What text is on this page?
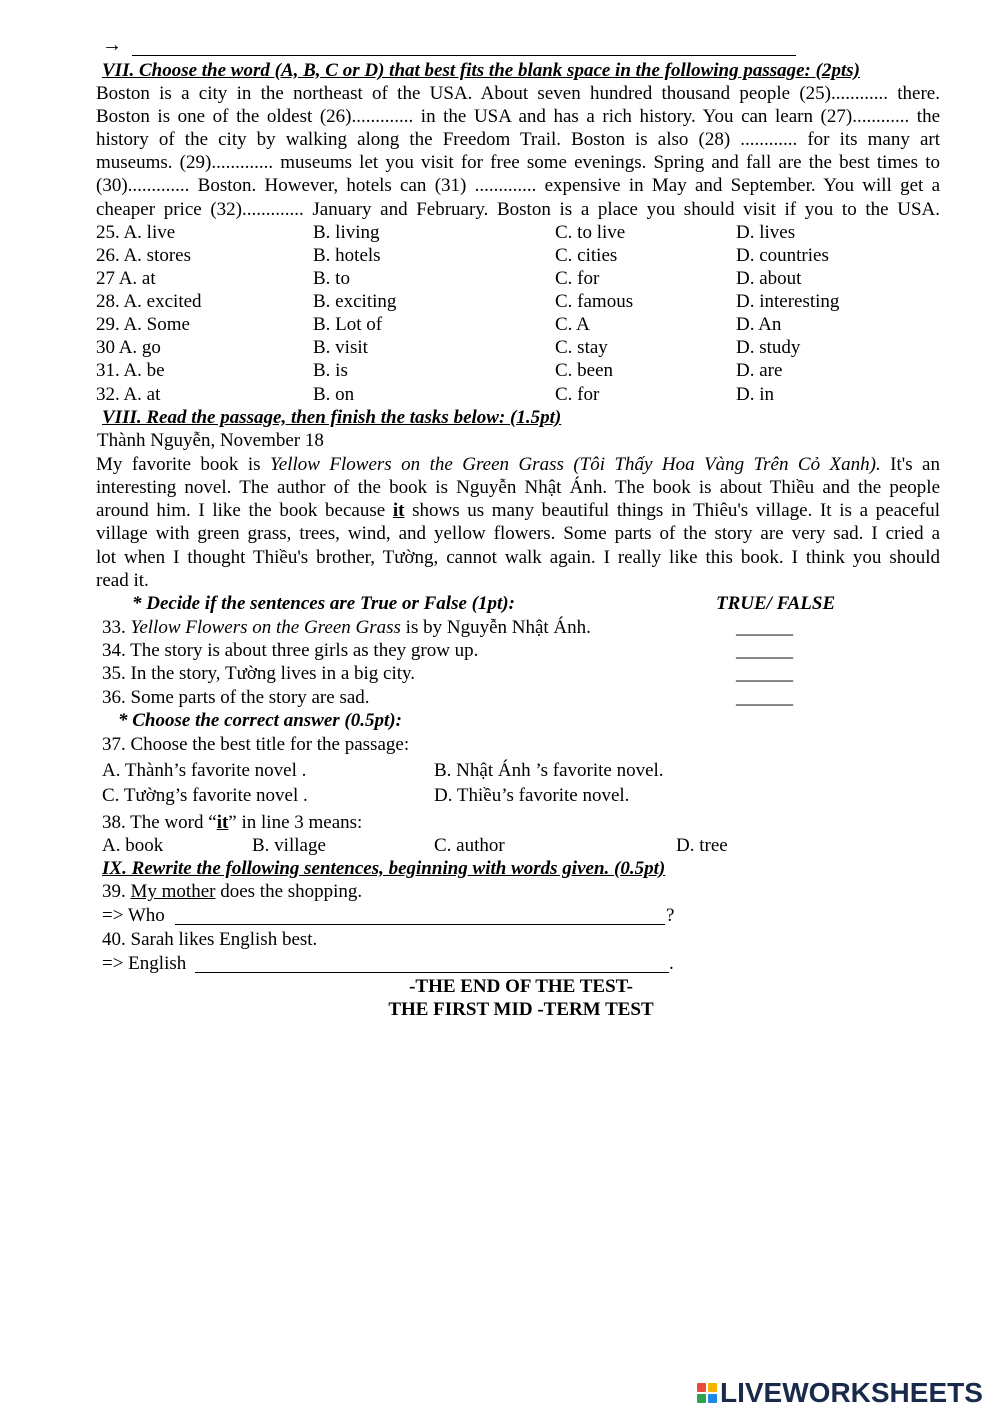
→
VII. Choose the word (A, B, C or D) that best fits the blank space in the following passage: (2pts)
Boston is a city in the northeast of the USA. About seven hundred thousand people (25)............ there.
Boston is one of the oldest (26)............. in the USA and has a rich history. You can learn (27)............ the
history of the city by walking along the Freedom Trail. Boston is also (28) ............ for its many art
museums. (29)............. museums let you visit for free some evenings. Spring and fall are the best times to
(30)............. Boston. However, hotels can (31) ............. expensive in May and September. You will get a
cheaper price (32)............. January and February. Boston is a place you should visit if you to the USA.
25. A. live	B. living	C. to live	D. lives
26. A. stores	B. hotels	C. cities	D. countries
27 A. at	B. to	C. for	D. about
28. A. excited	B. exciting	C. famous	D. interesting
29. A. Some	B. Lot of	C. A	D. An
30 A. go	B. visit	C. stay	D. study
31. A. be	B. is	C. been	D. are
32. A. at	B. on	C. for	D. in
VIII. Read the passage, then finish the tasks below: (1.5pt)
Thành Nguyễn, November 18
My favorite book is Yellow Flowers on the Green Grass (Tôi Thấy Hoa Vàng Trên Cỏ Xanh). It's an
interesting novel. The author of the book is Nguyễn Nhật Ánh. The book is about Thiều and the people
around him. I like the book because it shows us many beautiful things in Thiêu's village. It is a peaceful
village with green grass, trees, wind, and yellow flowers. Some parts of the story are very sad. I cried a
lot when I thought Thiều's brother, Tường, cannot walk again. I really like this book. I think you should
read it.
* Decide if the sentences are True or False (1pt):	TRUE/ FALSE
33. Yellow Flowers on the Green Grass is by Nguyễn Nhật Ánh.	______
34. The story is about three girls as they grow up.	______
35. In the story, Tường lives in a big city.	______
36. Some parts of the story are sad.	______
* Choose the correct answer (0.5pt):
37. Choose the best title for the passage:
A. Thành’s favorite novel .	B. Nhật Ánh ’s favorite novel.
C. Tường’s favorite novel .	D. Thiều’s favorite novel.
38. The word “it” in line 3 means:
A. book	B. village	C. author	D. tree
IX. Rewrite the following sentences, beginning with words given. (0.5pt)
39. My mother does the shopping.
=> Who	?
40. Sarah likes English best.
=> English	.
-THE END OF THE TEST-
THE FIRST MID -TERM TEST
LIVEWORKSHEETS
